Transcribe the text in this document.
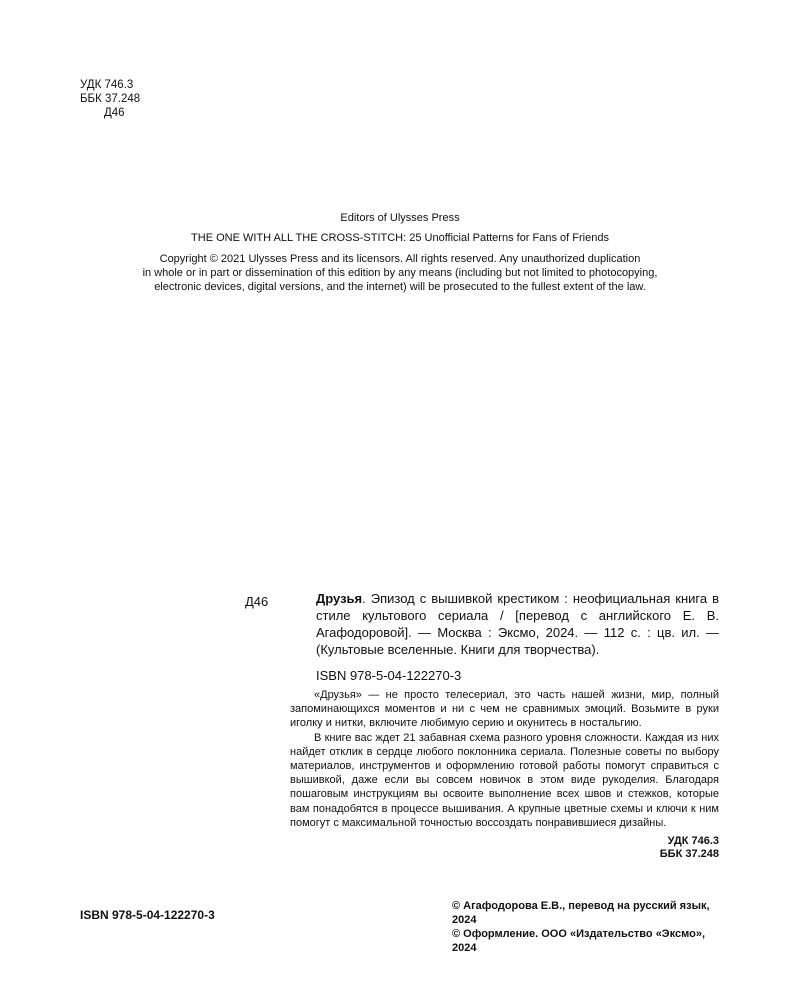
УДК 746.3
ББК 37.248
Д46
Editors of Ulysses Press
THE ONE WITH ALL THE CROSS-STITCH: 25 Unofficial Patterns for Fans of Friends
Copyright © 2021 Ulysses Press and its licensors. All rights reserved. Any unauthorized duplication
in whole or in part or dissemination of this edition by any means (including but not limited to photocopying,
electronic devices, digital versions, and the internet) will be prosecuted to the fullest extent of the law.
Д46	Друзья. Эпизод с вышивкой крестиком : неофициальная книга в стиле культового сериала / [перевод с английского Е. В. Агафодоровой]. — Москва : Эксмо, 2024. — 112 с. : цв. ил. — (Культовые вселенные. Книги для творчества).
ISBN 978-5-04-122270-3

«Друзья» — не просто телесериал, это часть нашей жизни, мир, полный запоминающихся моментов и ни с чем не сравнимых эмоций. Возьмите в руки иголку и нитки, включите любимую серию и окунитесь в ностальгию.

В книге вас ждет 21 забавная схема разного уровня сложности. Каждая из них найдет отклик в сердце любого поклонника сериала. Полезные советы по выбору материалов, инструментов и оформлению готовой работы помогут справиться с вышивкой, даже если вы совсем новичок в этом виде рукоделия. Благодаря пошаговым инструкциям вы освоите выполнение всех швов и стежков, которые вам понадобятся в процессе вышивания. А крупные цветные схемы и ключи к ним помогут с максимальной точностью воссоздать понравившиеся дизайны.

УДК 746.3
ББК 37.248
ISBN 978-5-04-122270-3
© Агафодорова Е.В., перевод на русский язык, 2024
© Оформление. ООО «Издательство «Эксмо», 2024
